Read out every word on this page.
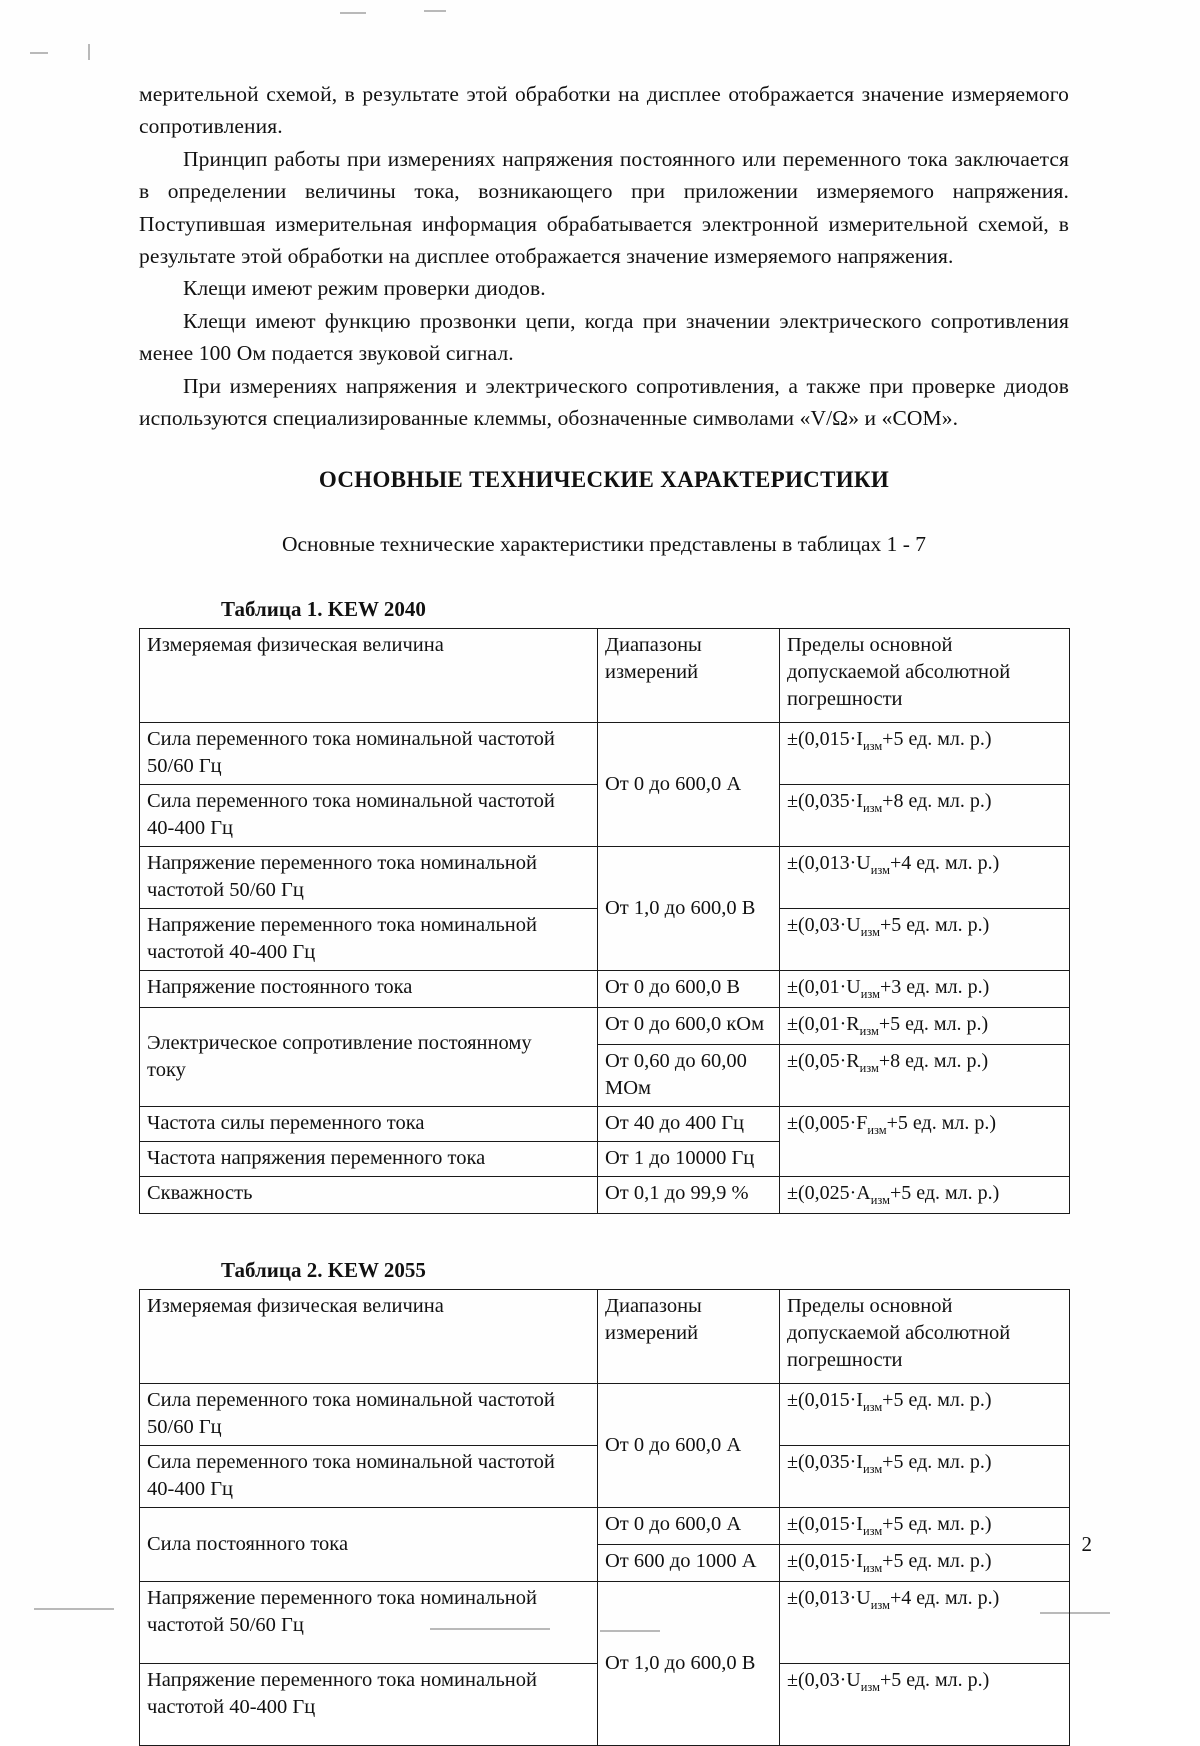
мерительной схемой, в результате этой обработки на дисплее отображается значение измеряемого сопротивления.

Принцип работы при измерениях напряжения постоянного или переменного тока заключается в определении величины тока, возникающего при приложении измеряемого напряжения. Поступившая измерительная информация обрабатывается электронной измерительной схемой, в результате этой обработки на дисплее отображается значение измеряемого напряжения.

Клещи имеют режим проверки диодов.

Клещи имеют функцию прозвонки цепи, когда при значении электрического сопротивления менее 100 Ом подается звуковой сигнал.

При измерениях напряжения и электрического сопротивления, а также при проверке диодов используются специализированные клеммы, обозначенные символами «V/Ω» и «COM».

ОСНОВНЫЕ ТЕХНИЧЕСКИЕ ХАРАКТЕРИСТИКИ

Основные технические характеристики представлены в таблицах 1 - 7

Таблица 1. KEW 2040
Измеряемая физическая величина	Диапазоны измерений	Пределы основной допускаемой абсолютной погрешности

Сила переменного тока номинальной частотой
50/60 Гц	От 0 до 600,0 А	$\pm(0,015\cdot I_{изм}+5$ ед. мл. р.)

Сила переменного тока номинальной частотой
40-400 Гц		$\pm(0,035\cdot I_{изм}+8$ ед. мл. р.)

Напряжение переменного тока номинальной
частотой 50/60 Гц	От 1,0 до 600,0 В	$\pm(0,013\cdot U_{изм}+4$ ед. мл. р.)

Напряжение переменного тока номинальной
частотой 40-400 Гц		$\pm(0,03\cdot U_{изм}+5$ ед. мл. р.)

Напряжение постоянного тока	От 0 до 600,0 В	$\pm(0,01\cdot U_{изм}+3$ ед. мл. р.)

Электрическое сопротивление постоянному
току	От 0 до 600,0 кОм	$\pm(0,01\cdot R_{изм}+5$ ед. мл. р.)
	От 0,60 до 60,00 МОм	$\pm(0,05\cdot R_{изм}+8$ ед. мл. р.)

Частота силы переменного тока	От 40 до 400 Гц	$\pm(0,005\cdot F_{изм}+5$ ед. мл. р.)

Частота напряжения переменного тока	От 1 до 10000 Гц	

Скважность	От 0,1 до 99,9 %	$\pm(0,025\cdot А_{изм}+5$ ед. мл. р.)
Таблица 2. KEW 2055
Измеряемая физическая величина	Диапазоны измерений	Пределы основной допускаемой абсолютной погрешности

Сила переменного тока номинальной частотой
50/60 Гц	От 0 до 600,0 А	$\pm(0,015\cdot I_{изм}+5$ ед. мл. р.)

Сила переменного тока номинальной частотой
40-400 Гц		$\pm(0,035\cdot I_{изм}+5$ ед. мл. р.)

Сила постоянного тока	От 0 до 600,0 А	$\pm(0,015\cdot I_{изм}+5$ ед. мл. р.)
	От 600 до 1000 А	$\pm(0,015\cdot I_{изм}+5$ ед. мл. р.)

Напряжение переменного тока номинальной
частотой 50/60 Гц	От 1,0 до 600,0 В	$\pm(0,013\cdot U_{изм}+4$ ед. мл. р.)

Напряжение переменного тока номинальной
частотой 40-400 Гц		$\pm(0,03\cdot U_{изм}+5$ ед. мл. р.)
2
